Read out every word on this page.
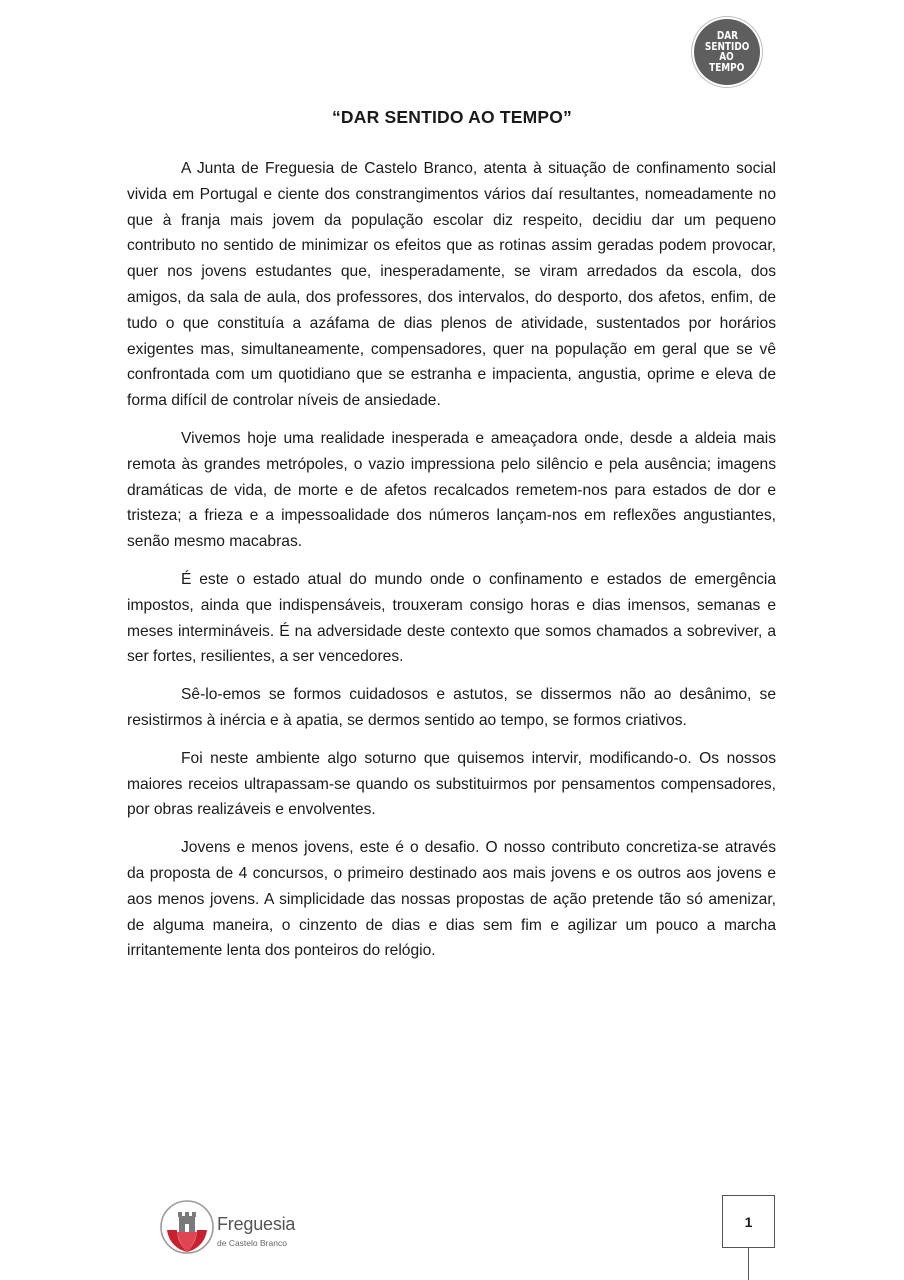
DAR
SENTIDO
AO
TEMPO
“DAR SENTIDO AO TEMPO”

A Junta de Freguesia de Castelo Branco, atenta à situação de confinamento social vivida em Portugal e ciente dos constrangimentos vários daí resultantes, nomeadamente no que à franja mais jovem da população escolar diz respeito, decidiu dar um pequeno contributo no sentido de minimizar os efeitos que as rotinas assim geradas podem provocar, quer nos jovens estudantes que, inesperadamente, se viram arredados da escola, dos amigos, da sala de aula, dos professores, dos intervalos, do desporto, dos afetos, enfim, de tudo o que constituía a azáfama de dias plenos de atividade, sustentados por horários exigentes mas, simultaneamente, compensadores, quer na população em geral que se vê confrontada com um quotidiano que se estranha e impacienta, angustia, oprime e eleva de forma difícil de controlar níveis de ansiedade.

Vivemos hoje uma realidade inesperada e ameaçadora onde, desde a aldeia mais remota às grandes metrópoles, o vazio impressiona pelo silêncio e pela ausência; imagens dramáticas de vida, de morte e de afetos recalcados remetem-nos para estados de dor e tristeza; a frieza e a impessoalidade dos números lançam-nos em reflexões angustiantes, senão mesmo macabras.

É este o estado atual do mundo onde o confinamento e estados de emergência impostos, ainda que indispensáveis, trouxeram consigo horas e dias imensos, semanas e meses intermináveis. É na adversidade deste contexto que somos chamados a sobreviver, a ser fortes, resilientes, a ser vencedores.

Sê-lo-emos se formos cuidadosos e astutos, se dissermos não ao desânimo, se resistirmos à inércia e à apatia, se dermos sentido ao tempo, se formos criativos.

Foi neste ambiente algo soturno que quisemos intervir, modificando-o. Os nossos maiores receios ultrapassam-se quando os substituirmos por pensamentos compensadores, por obras realizáveis e envolventes.

Jovens e menos jovens, este é o desafio. O nosso contributo concretiza-se através da proposta de 4 concursos, o primeiro destinado aos mais jovens e os outros aos jovens e aos menos jovens. A simplicidade das nossas propostas de ação pretende tão só amenizar, de alguma maneira, o cinzento de dias e dias sem fim e agilizar um pouco a marcha irritantemente lenta dos ponteiros do relógio.

Freguesia
de Castelo Branco
1
